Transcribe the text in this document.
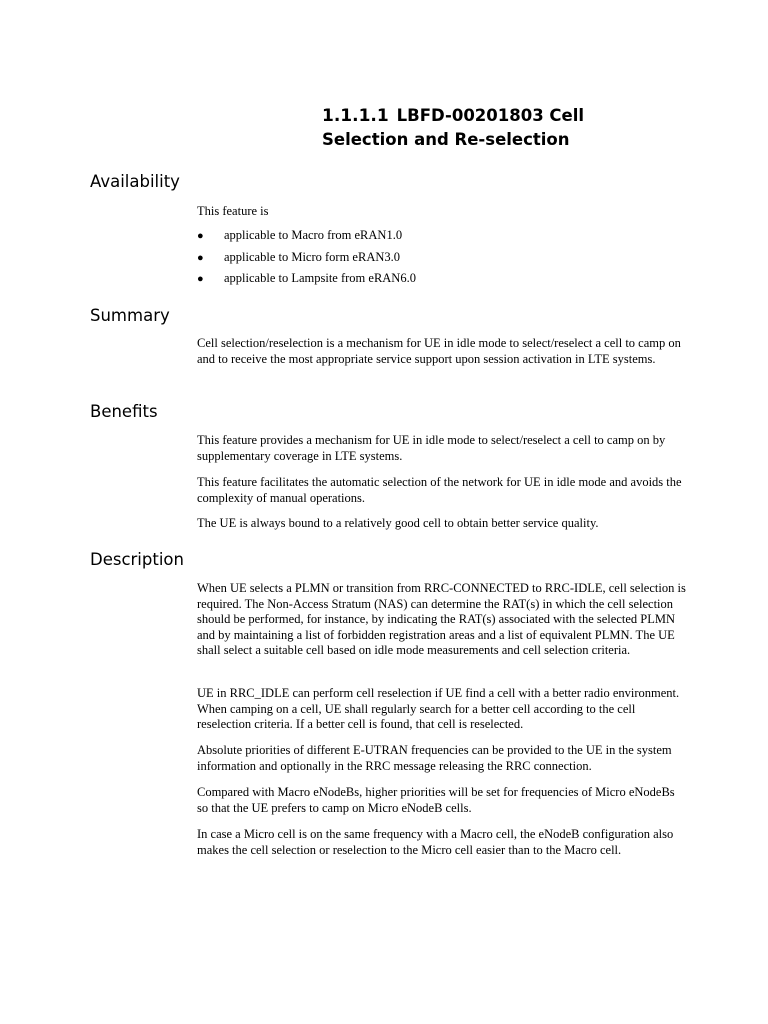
1.1.1.1 LBFD-00201803 Cell Selection and Re-selection
Availability

This feature is

● applicable to Macro from eRAN1.0
● applicable to Micro form eRAN3.0
● applicable to Lampsite from eRAN6.0
Summary

Cell selection/reselection is a mechanism for UE in idle mode to select/reselect a cell to camp on and to receive the most appropriate service support upon session activation in LTE systems.

Benefits

This feature provides a mechanism for UE in idle mode to select/reselect a cell to camp on by supplementary coverage in LTE systems.

This feature facilitates the automatic selection of the network for UE in idle mode and avoids the complexity of manual operations.

The UE is always bound to a relatively good cell to obtain better service quality.

Description

When UE selects a PLMN or transition from RRC-CONNECTED to RRC-IDLE, cell selection is required. The Non-Access Stratum (NAS) can determine the RAT(s) in which the cell selection should be performed, for instance, by indicating the RAT(s) associated with the selected PLMN and by maintaining a list of forbidden registration areas and a list of equivalent PLMN. The UE shall select a suitable cell based on idle mode measurements and cell selection criteria.

UE in RRC_IDLE can perform cell reselection if UE find a cell with a better radio environment. When camping on a cell, UE shall regularly search for a better cell according to the cell reselection criteria. If a better cell is found, that cell is reselected.

Absolute priorities of different E-UTRAN frequencies can be provided to the UE in the system information and optionally in the RRC message releasing the RRC connection.

Compared with Macro eNodeBs, higher priorities will be set for frequencies of Micro eNodeBs so that the UE prefers to camp on Micro eNodeB cells.

In case a Micro cell is on the same frequency with a Macro cell, the eNodeB configuration also makes the cell selection or reselection to the Micro cell easier than to the Macro cell.
